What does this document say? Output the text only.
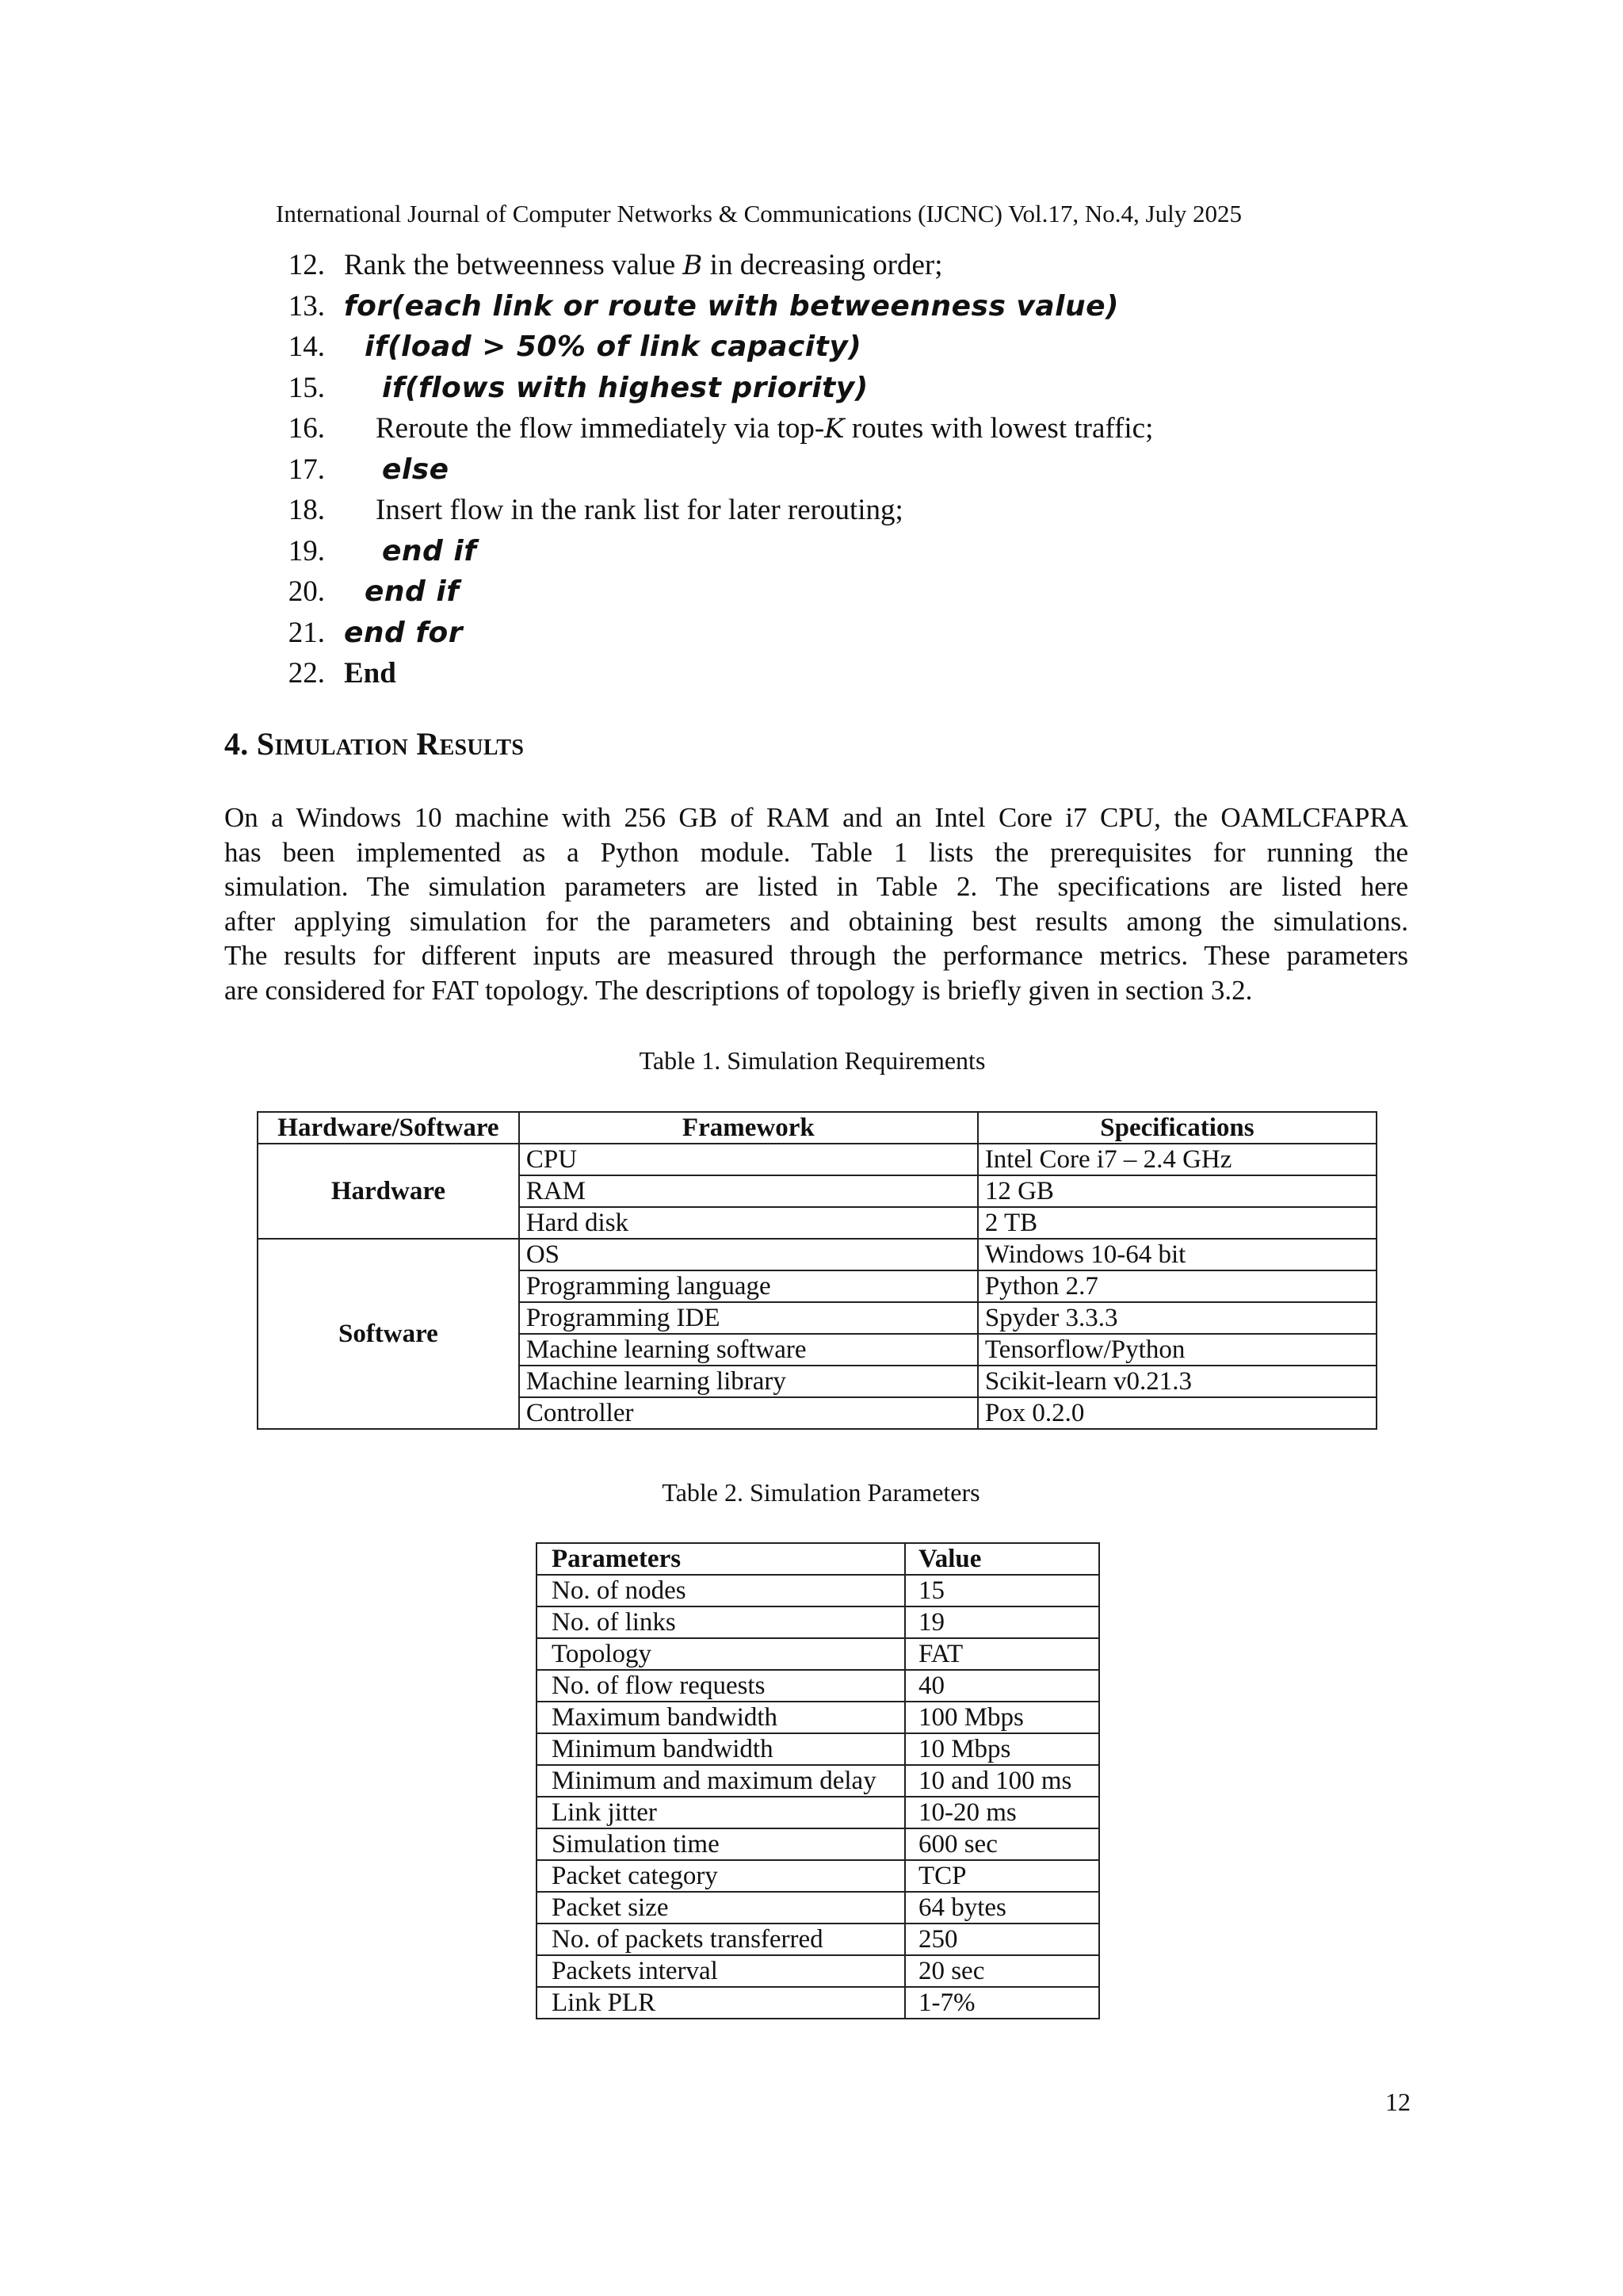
International Journal of Computer Networks & Communications (IJCNC) Vol.17, No.4, July 2025
12. Rank the betweenness value B in decreasing order;
13. for(each link or route with betweenness value)
14. if(load > 50% of link capacity)
15. if(flows with highest priority)
16. Reroute the flow immediately via top-K routes with lowest traffic;
17. else
18. Insert flow in the rank list for later rerouting;
19. end if
20. end if
21. end for
22. End
4. Simulation Results
On a Windows 10 machine with 256 GB of RAM and an Intel Core i7 CPU, the OAMLCFAPRA
has been implemented as a Python module. Table 1 lists the prerequisites for running the
simulation. The simulation parameters are listed in Table 2. The specifications are listed here
after applying simulation for the parameters and obtaining best results among the simulations.
The results for different inputs are measured through the performance metrics. These parameters
are considered for FAT topology. The descriptions of topology is briefly given in section 3.2.
Table 1. Simulation Requirements
Hardware/Software	Framework	Specifications
Hardware	CPU	Intel Core i7 – 2.4 GHz
	RAM	12 GB
	Hard disk	2 TB
Software	OS	Windows 10-64 bit
	Programming language	Python 2.7
	Programming IDE	Spyder 3.3.3
	Machine learning software	Tensorflow/Python
	Machine learning library	Scikit-learn v0.21.3
	Controller	Pox 0.2.0
Table 2. Simulation Parameters
Parameters	Value
No. of nodes	15
No. of links	19
Topology	FAT
No. of flow requests	40
Maximum bandwidth	100 Mbps
Minimum bandwidth	10 Mbps
Minimum and maximum delay	10 and 100 ms
Link jitter	10-20 ms
Simulation time	600 sec
Packet category	TCP
Packet size	64 bytes
No. of packets transferred	250
Packets interval	20 sec
Link PLR	1-7%
12
